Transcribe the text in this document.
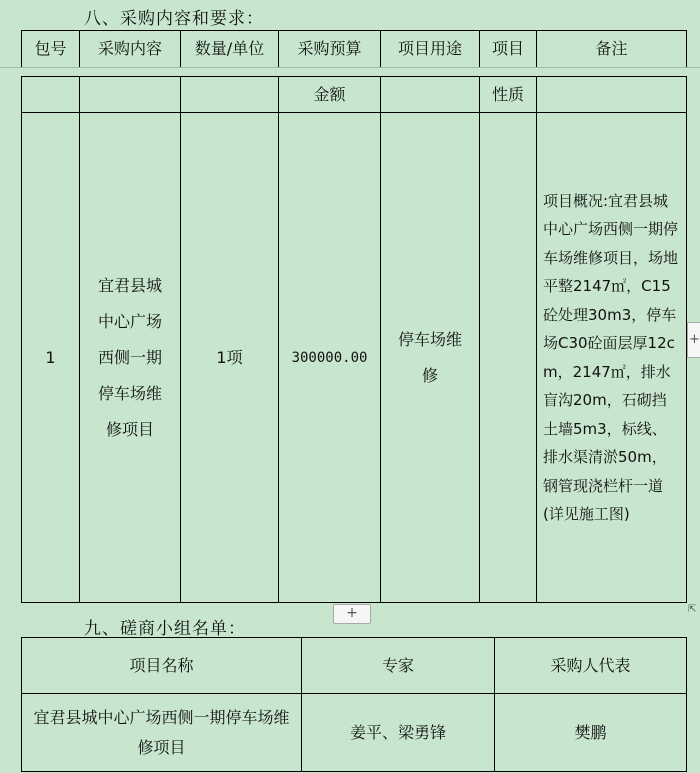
八、采购内容和要求：
包号	采购内容	数量/单位	采购预算	项目用途	项目	备注
			金额		性质	
1	宜君县城中心广场西侧一期停车场维修项目	1项	300000.00	停车场维修		项目概况:宜君县城中心广场西侧一期停车场维修项目，场地平整2147㎡，C15砼处理30m3，停车场C30砼面层厚12cm，2147㎡，排水盲沟20m，石砌挡土墙5m3，标线、排水渠清淤50m，钢管现浇栏杆一道(详见施工图)
+
+
⇱
九、磋商小组名单：
项目名称	专家	采购人代表

宜君县城中心广场西侧一期停车场维修项目	姜平、梁勇锋	樊鹏
